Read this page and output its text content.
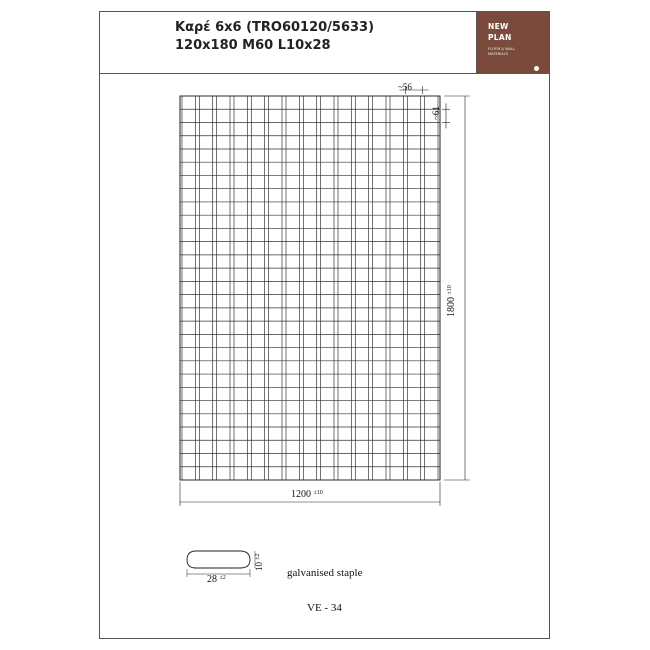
Καρέ 6x6 (TRO60120/5633)
120x180 M60 L10x28
NEW
PLAN
FLOOR & WALL MATERIALS
~56
~61
1800 $^{\pm 10}$
1200 $^{\pm 10}$
28 $^{\pm 2}$
10 $^{\pm 2}$
galvanised staple
VE - 34
